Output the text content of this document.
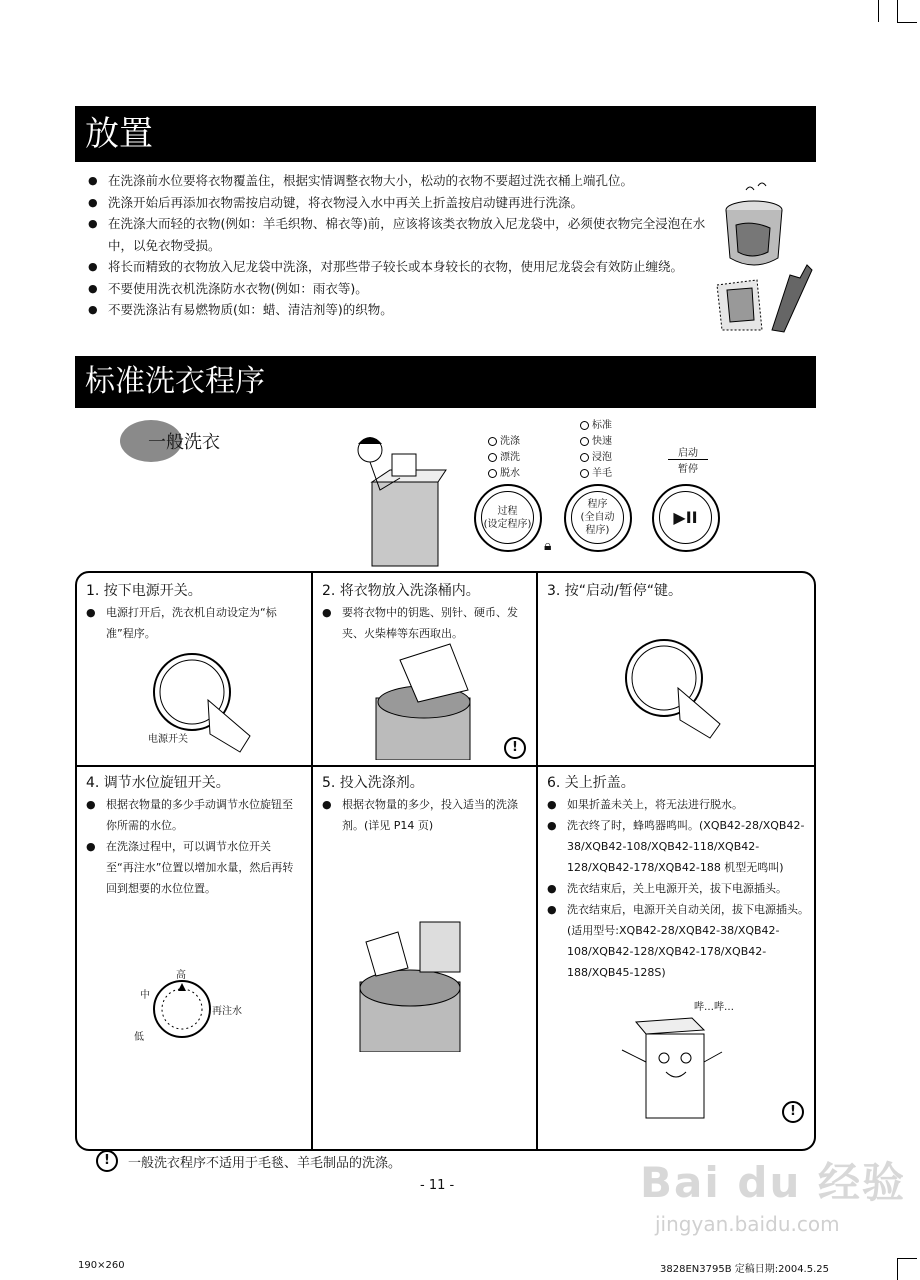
放置
● 在洗涤前水位要将衣物覆盖住，根据实情调整衣物大小，松动的衣物不要超过洗衣桶上端孔位。
● 洗涤开始后再添加衣物需按启动键，将衣物浸入水中再关上折盖按启动键再进行洗涤。
● 在洗涤大而轻的衣物(例如：羊毛织物、棉衣等)前，应该将该类衣物放入尼龙袋中，必须使衣物完全浸泡在水中，以免衣物受损。
● 将长而精致的衣物放入尼龙袋中洗涤，对那些带子较长或本身较长的衣物，使用尼龙袋会有效防止缠绕。
● 不要使用洗衣机洗涤防水衣物(例如：雨衣等)。
● 不要洗涤沾有易燃物质(如：蜡、清洁剂等)的织物。
标准洗衣程序
一般洗衣	洗涤
漂洗
脱水
标准
快速
浸泡
羊毛
启动
暂停
过程
(设定程序)
程序
(全自动
程序)
🔒︎
▶II
1. 按下电源开关。
● 电源打开后，洗衣机自动设定为“标准”程序。
电源开关
2. 将衣物放入洗涤桶内。
● 要将衣物中的钥匙、别针、硬币、发夹、火柴棒等东西取出。
!
3. 按“启动/暂停“键。
4. 调节水位旋钮开关。
● 根据衣物量的多少手动调节水位旋钮至你所需的水位。
● 在洗涤过程中，可以调节水位开关至“再注水”位置以增加水量，然后再转回到想要的水位位置。
高
中
低
再注水
5. 投入洗涤剂。
● 根据衣物量的多少，投入适当的洗涤剂。(详见 P14 页)
6. 关上折盖。
● 如果折盖未关上，将无法进行脱水。
● 洗衣终了时，蜂鸣器鸣叫。(XQB42-28/XQB42-38/XQB42-108/XQB42-118/XQB42-128/XQB42-178/XQB42-188 机型无鸣叫)
● 洗衣结束后，关上电源开关，拔下电源插头。
● 洗衣结束后，电源开关自动关闭，拔下电源插头。(适用型号:XQB42-28/XQB42-38/XQB42-108/XQB42-128/XQB42-178/XQB42-188/XQB45-128S)
哔…哔…
!
!	一般洗衣程序不适用于毛毯、羊毛制品的洗涤。
- 11 -	Bai du 经验
jingyan.baidu.com
190×260	3828EN3795B 定稿日期:2004.5.25
